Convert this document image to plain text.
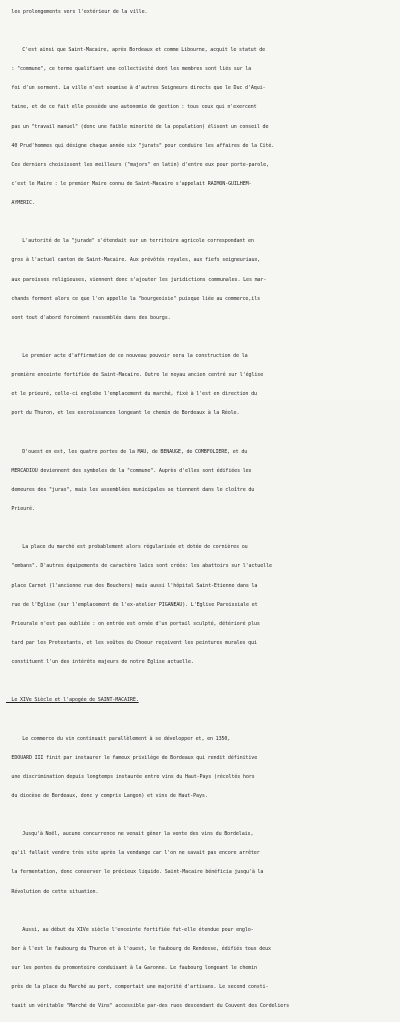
les prolongements vers l'extérieur de la ville.

C'est ainsi que Saint-Macaire, après Bordeaux et comme Libourne, acquit le statut de

: "commune", ce terme qualifiant une collectivité dont les membres sont liés sur la

foi d'un serment. La ville n'est soumise à d'autres Seigneurs directs que le Duc d'Aqui-

taine, et de ce fait elle possède une autonomie de gestion : tous ceux qui n'exercent

pas un "travail manuel" (donc une faible minorité de la population) élisent un conseil de

40 Prud'hommes qui désigne chaque année six "jurats" pour conduire les affaires de la Cité.

Ces derniers choisissent les meilleurs ("majors" en latin) d'entre eux pour porte-parole,

c'est le Maire : le premier Maire connu de Saint-Macaire s'appelait RAIMON-GUILHEM-

AYMERIC.

L'autorité de la "jurade" s'étendait sur un territoire agricole correspondant en

gros à l'actuel canton de Saint-Macaire. Aux prévôtés royales, aux fiefs seigneuriaux,

aux paroisses religieuses, viennent donc s'ajouter les juridictions communales. Les mar-

chands forment alors ce que l'on appelle la "bourgeoisie" puisque liée au commerce,ils

sont tout d'abord forcément rassemblés dans des bourgs.

Le premier acte d'affirmation de ce nouveau pouvoir sera la construction de la

première enceinte fortifiée de Saint-Macaire. Outre le noyau ancien centré sur l'église

et le prieuré, celle-ci englobe l'emplacement du marché, fixé à l'est en direction du

port du Thuron, et les excroissances longeant le chemin de Bordeaux à la Réole.

D'ouest en est, les quatre portes de la MAU, de BENAUGE, de COMBFOLIERE, et du

MERCADIOU deviennent des symboles de la "commune". Auprès d'elles sont édifiées les

demeures des "juras", mais les assemblées municipales se tiennent dans le cloître du

Prieuré.

La place du marché est probablement alors régularisée et dotée de cornières ou

"embans". D'autres équipements de caractère laïcs sont créés: les abattoirs sur l'actuelle

place Carnot (l'ancienne rue des Bouchers) mais aussi l'hôpital Saint-Etienne dans la

rue de l'Eglise (sur l'emplacement de l'ex-atelier PIGANEAU). L'Eglise Paroissiale et

Prieurale n'est pas oubliée : on entrée est ornée d'un portail sculpté, détérioré plus

tard par les Protestants, et les voûtes du Choeur reçoivent les peintures murales qui

constituent l'un des intérêts majeurs de notre Eglise actuelle.

Le XIVe Siècle et l'apogée de SAINT-MACAIRE.

Le commerce du vin continuait parallèlement à se développer et, en 1350,

EDOUARD III finit par instaurer le fameux privilège de Bordeaux qui rendit définitive

une discrimination depuis longtemps instaurée entre vins du Haut-Pays (récoltés hors

du diocèse de Bordeaux, donc y compris Langon) et vins de Haut-Pays.

Jusqu'à Noël, aucune concurrence ne venait gêner la vente des vins du Bordelais,

qu'il fallait vendre très vite après la vendange car l'on ne savait pas encore arrêter

la fermentation, donc conserver le précieux liquide. Saint-Macaire bénéficia jusqu'à la

Révolution de cette situation.

Aussi, au début du XIVe siècle l'enceinte fortifiée fut-elle étendue pour englo-

ber à l'est le faubourg du Thuron et à l'ouest, le faubourg de Rendesse, édifiés tous deux

sur les pentes du promontoire conduisant à la Garonne. Le faubourg longeant le chemin

près de la place du Marché au port, comportait une majorité d'artisans. Le second consti-

tuait un véritable "Marché de Vins" accessible par-des rues descendant du Couvent des Cordeliers
